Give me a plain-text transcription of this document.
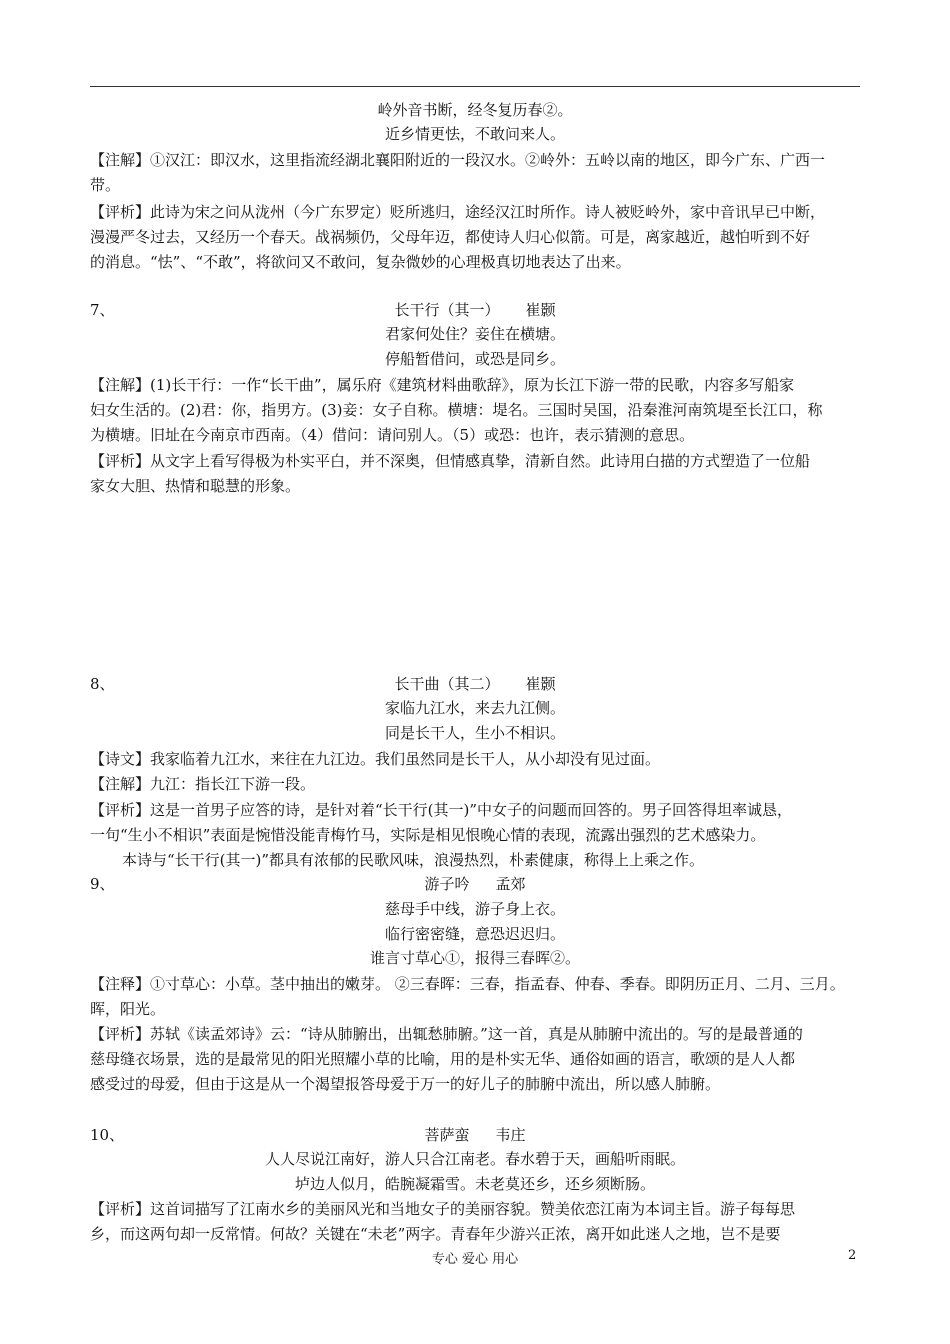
岭外音书断，经冬复历春②。
近乡情更怯，不敢问来人。
【注解】①汉江：即汉水，这里指流经湖北襄阳附近的一段汉水。②岭外：五岭以南的地区，即今广东、广西一
带。
【评析】此诗为宋之问从泷州（今广东罗定）贬所逃归，途经汉江时所作。诗人被贬岭外，家中音讯早已中断，
漫漫严冬过去，又经历一个春天。战祸频仍，父母年迈，都使诗人归心似箭。可是，离家越近，越怕听到不好
的消息。“怯”、“不敢”，将欲问又不敢问，复杂微妙的心理极真切地表达了出来。
7、	长干行（其一） 崔颢
君家何处住？妾住在横塘。
停船暂借问，或恐是同乡。
【注解】(1)长干行：一作“长干曲”，属乐府《建筑材料曲歌辞》，原为长江下游一带的民歌，内容多写船家
妇女生活的。(2)君：你，指男方。(3)妾：女子自称。横塘：堤名。三国时吴国，沿秦淮河南筑堤至长江口，称
为横塘。旧址在今南京市西南。（4）借问：请问别人。（5）或恐：也许，表示猜测的意思。
【评析】从文字上看写得极为朴实平白，并不深奥，但情感真挚，清新自然。此诗用白描的方式塑造了一位船
家女大胆、热情和聪慧的形象。
8、	长干曲（其二） 崔颢
家临九江水，来去九江侧。
同是长干人，生小不相识。
【诗文】我家临着九江水，来往在九江边。我们虽然同是长干人，从小却没有见过面。
【注解】九江：指长江下游一段。
【评析】这是一首男子应答的诗，是针对着“长干行(其一)”中女子的问题而回答的。男子回答得坦率诚恳，
一句“生小不相识”表面是惋惜没能青梅竹马，实际是相见恨晚心情的表现，流露出强烈的艺术感染力。
本诗与“长干行(其一)”都具有浓郁的民歌风味，浪漫热烈，朴素健康，称得上上乘之作。
9、	游子吟 孟郊
慈母手中线，游子身上衣。
临行密密缝，意恐迟迟归。
谁言寸草心①，报得三春晖②。
【注释】①寸草心：小草。茎中抽出的嫩芽。 ②三春晖：三春，指孟春、仲春、季春。即阴历正月、二月、三月。
晖，阳光。
【评析】苏轼《读孟郊诗》云：“诗从肺腑出，出辄愁肺腑。”这一首，真是从肺腑中流出的。写的是最普通的
慈母缝衣场景，选的是最常见的阳光照耀小草的比喻，用的是朴实无华、通俗如画的语言，歌颂的是人人都
感受过的母爱，但由于这是从一个渴望报答母爱于万一的好儿子的肺腑中流出，所以感人肺腑。
10、	菩萨蛮 韦庄
人人尽说江南好，游人只合江南老。春水碧于天，画船听雨眠。
垆边人似月，皓腕凝霜雪。未老莫还乡，还乡须断肠。
【评析】这首词描写了江南水乡的美丽风光和当地女子的美丽容貌。赞美依恋江南为本词主旨。游子每每思
乡，而这两句却一反常情。何故？关键在“未老”两字。青春年少游兴正浓，离开如此迷人之地，岂不是要
专心 爱心 用心	2
